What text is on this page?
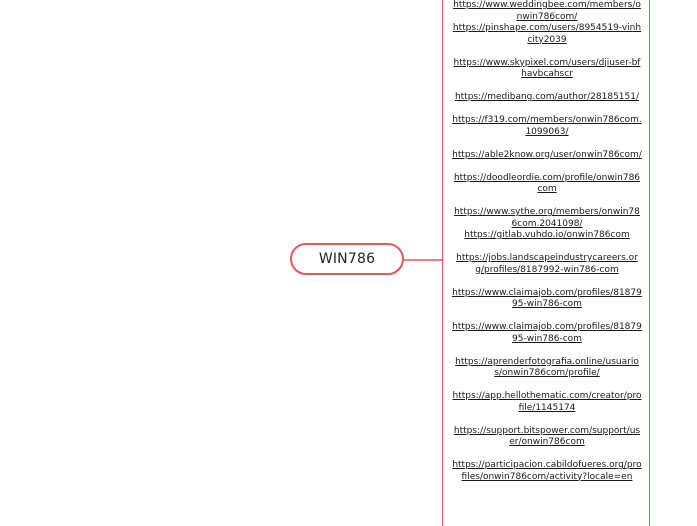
https://www.weddingbee.com/members/onwin786com/
https://pinshape.com/users/8954519-vinhcity2039
https://www.skypixel.com/users/djiuser-bfhavbcahscr
https://medibang.com/author/28185151/
https://f319.com/members/onwin786com.1099063/
https://able2know.org/user/onwin786com/
https://doodleordie.com/profile/onwin786com
https://www.sythe.org/members/onwin786com.2041098/
https://gitlab.vuhdo.io/onwin786com
https://jobs.landscapeindustrycareers.org/profiles/8187992-win786-com
https://www.claimajob.com/profiles/8187995-win786-com
https://www.claimajob.com/profiles/8187995-win786-com
https://aprenderfotografia.online/usuarios/onwin786com/profile/
https://app.hellothematic.com/creator/profile/1145174
https://support.bitspower.com/support/user/onwin786com
https://participacion.cabildofueres.org/profiles/onwin786com/activity?locale=en
WIN786
